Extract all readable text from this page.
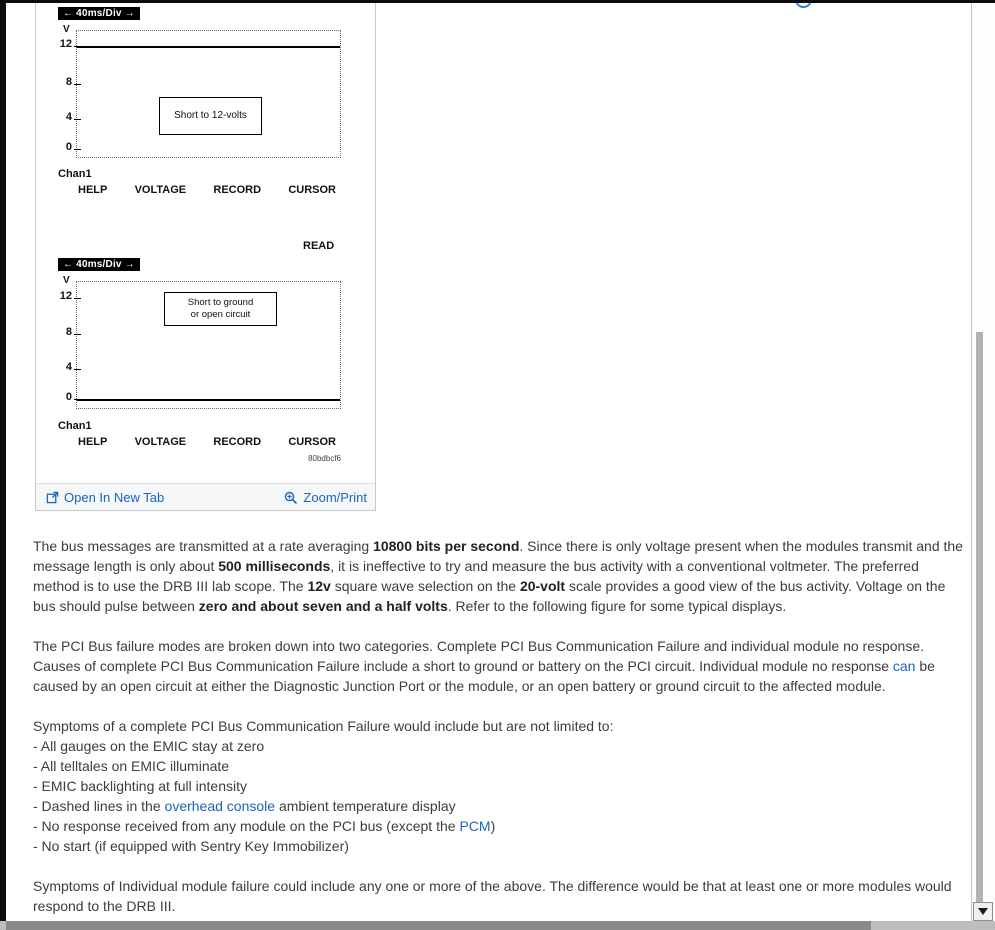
← 40ms/Div →
V
12
8
4
0
Short to 12-volts
Chan1
HELP VOLTAGE RECORD CURSOR
READ
← 40ms/Div →
V
12
8
4
0
Short to ground
or open circuit
Chan1
HELP VOLTAGE RECORD CURSOR
80bdbcf6
Open In New Tab	Zoom/Print
The bus messages are transmitted at a rate averaging 10800 bits per second. Since there is only voltage present when the modules transmit and the message length is only about 500 milliseconds, it is ineffective to try and measure the bus activity with a conventional voltmeter. The preferred method is to use the DRB III lab scope. The 12v square wave selection on the 20-volt scale provides a good view of the bus activity. Voltage on the bus should pulse between zero and about seven and a half volts. Refer to the following figure for some typical displays.
The PCI Bus failure modes are broken down into two categories. Complete PCI Bus Communication Failure and individual module no response. Causes of complete PCI Bus Communication Failure include a short to ground or battery on the PCI circuit. Individual module no response can be caused by an open circuit at either the Diagnostic Junction Port or the module, or an open battery or ground circuit to the affected module.
Symptoms of a complete PCI Bus Communication Failure would include but are not limited to:
- All gauges on the EMIC stay at zero
- All telltales on EMIC illuminate
- EMIC backlighting at full intensity
- Dashed lines in the overhead console ambient temperature display
- No response received from any module on the PCI bus (except the PCM)
- No start (if equipped with Sentry Key Immobilizer)
Symptoms of Individual module failure could include any one or more of the above. The difference would be that at least one or more modules would respond to the DRB III.
